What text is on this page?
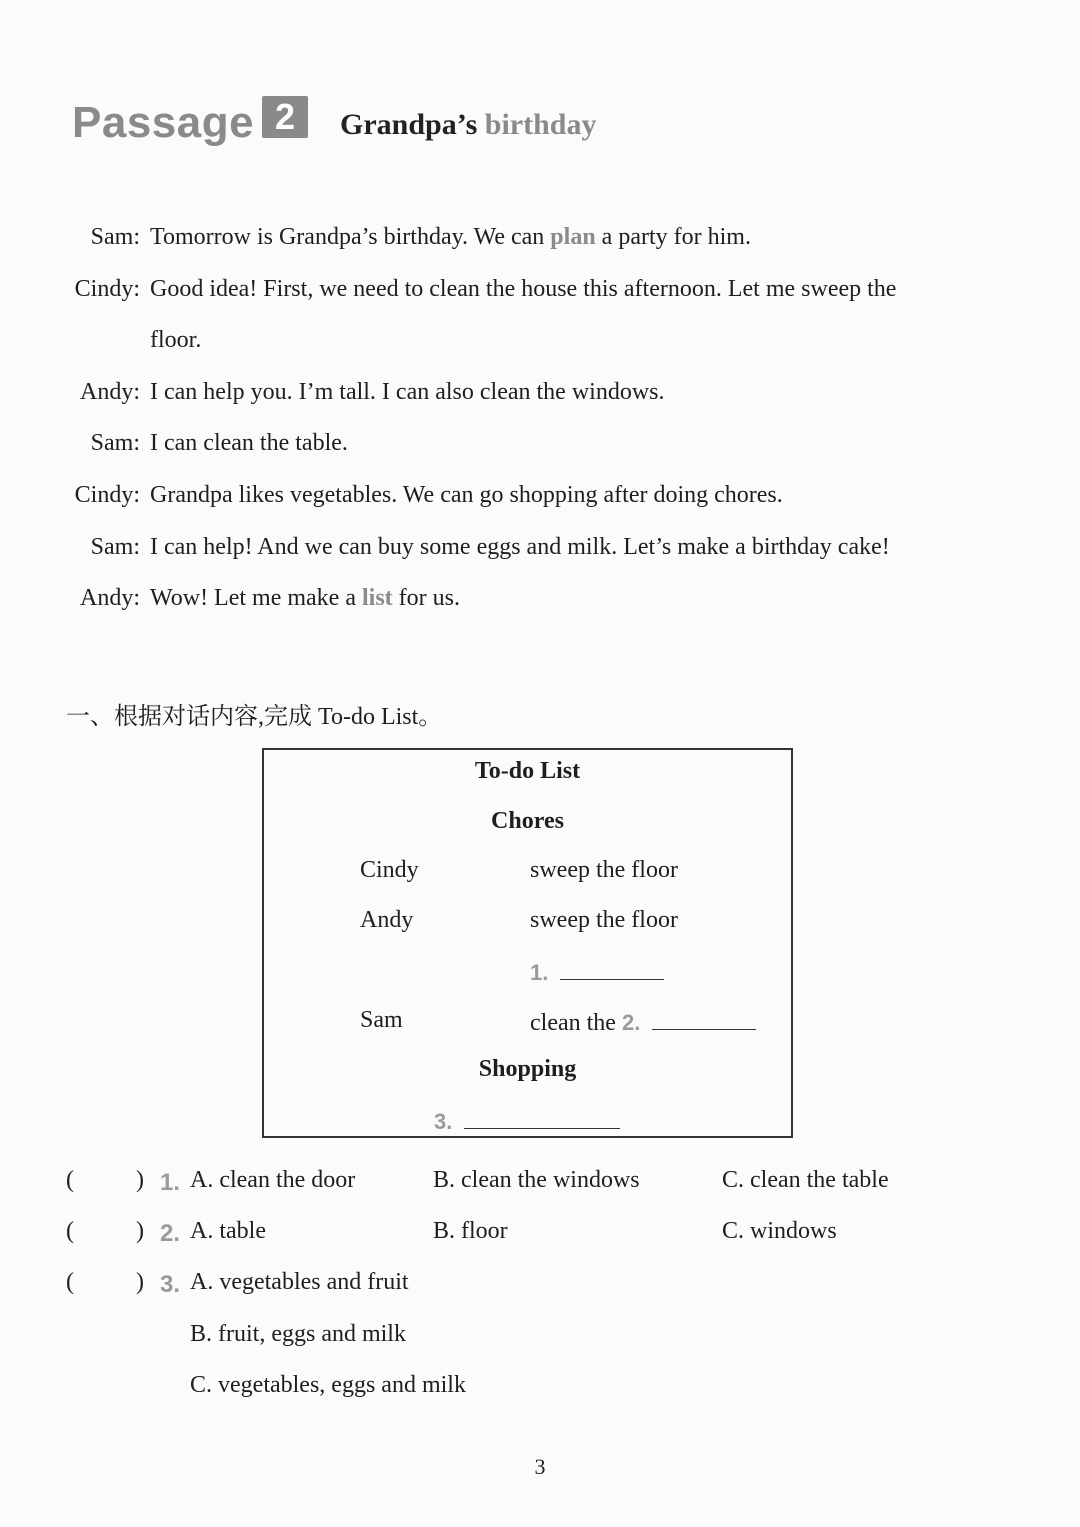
Passage 2	Grandpa’s birthday
Sam: Tomorrow is Grandpa’s birthday. We can plan a party for him.
Cindy: Good idea! First, we need to clean the house this afternoon. Let me sweep the
floor.
Andy: I can help you. I’m tall. I can also clean the windows.
Sam: I can clean the table.
Cindy: Grandpa likes vegetables. We can go shopping after doing chores.
Sam: I can help! And we can buy some eggs and milk. Let’s make a birthday cake!
Andy: Wow! Let me make a list for us.
一、根据对话内容,完成 To-do List。
To-do List
Chores
Cindy	sweep the floor
Andy	sweep the floor
1.
Sam	clean the 2.
Shopping
3.
(	) 1. A. clean the door	B. clean the windows	C. clean the table
(	) 2. A. table	B. floor	C. windows
(	) 3. A. vegetables and fruit
B. fruit, eggs and milk
C. vegetables, eggs and milk
3
